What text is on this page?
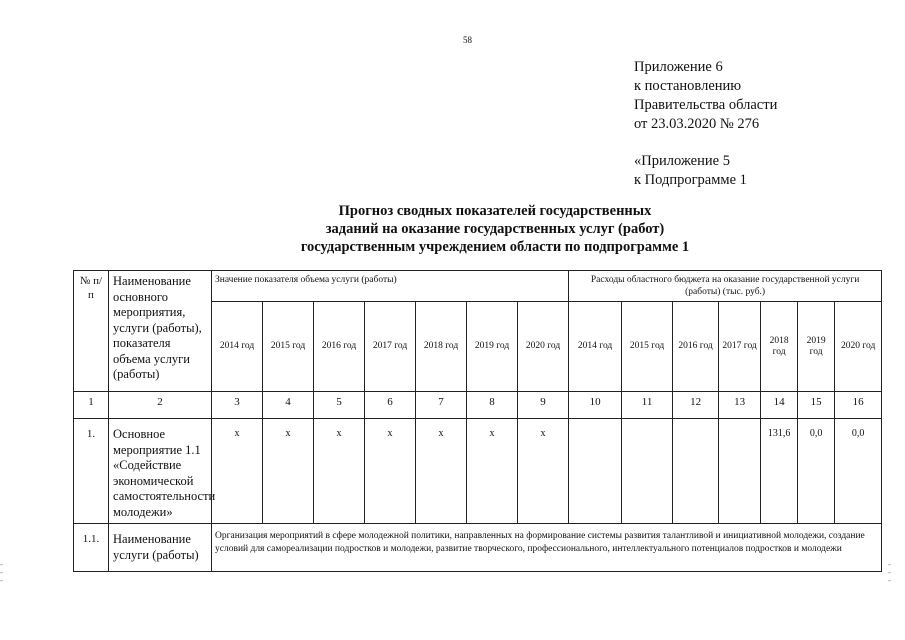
58
Приложение 6
к постановлению
Правительства области
от 23.03.2020 № 276
«Приложение 5
к Подпрограмме 1
Прогноз сводных показателей государственных
заданий на оказание государственных услуг (работ)
государственным учреждением области по подпрограмме 1
-
-
-
-
-
-
№ п/п	Наименование основного мероприятия, услуги (работы), показателя объема услуги (работы)	Значение показателя объема услуги (работы)							Расходы областного бюджета на оказание государственной услуги (работы) (тыс. руб.)						
		2014 год	2015 год	2016 год	2017 год	2018 год	2019 год	2020 год	2014 год	2015 год	2016 год	2017 год	2018 год	2019 год	2020 год
1	2	3	4	5	6	7	8	9	10	11	12	13	14	15	16
1.	Основное мероприятие 1.1 «Содействие экономической самостоятельности молодежи»	x	x	x	x	x	x	x					131,6	0,0	0,0
1.1.	Наименование услуги (работы)	Организация мероприятий в сфере молодежной политики, направленных на формирование системы развития талантливой и инициативной молодежи, создание условий для самореализации подростков и молодежи, развитие творческого, профессионального, интеллектуального потенциалов подростков и молодежи													
